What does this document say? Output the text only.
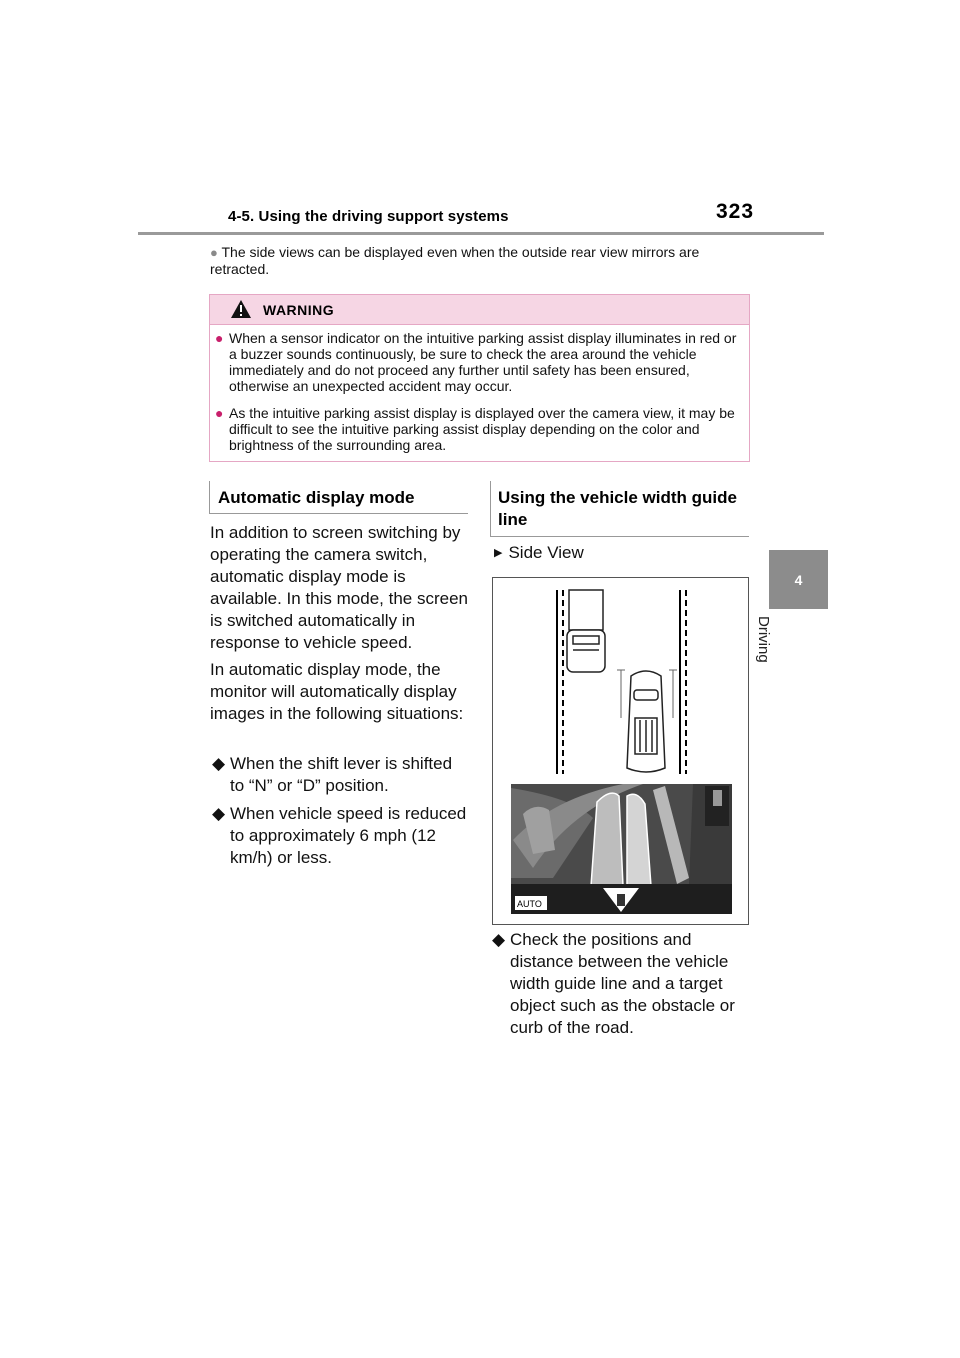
4-5. Using the driving support systems	323
4
Driving
● The side views can be displayed even when the outside rear view mirrors are retracted.
WARNING
● When a sensor indicator on the intuitive parking assist display illuminates in red or a buzzer sounds continuously, be sure to check the area around the vehicle immediately and do not proceed any further until safety has been ensured, otherwise an unexpected accident may occur.
● As the intuitive parking assist display is displayed over the camera view, it may be difficult to see the intuitive parking assist display depending on the color and brightness of the surrounding area.
Automatic display mode
In addition to screen switching by operating the camera switch, automatic display mode is available. In this mode, the screen is switched automatically in response to vehicle speed.
In automatic display mode, the monitor will automatically display images in the following situations:
◆ When the shift lever is shifted to “N” or “D” position.
◆ When vehicle speed is reduced to approximately 6 mph (12 km/h) or less.
Using the vehicle width guide line
▶ Side View
AUTO
◆ Check the positions and distance between the vehicle width guide line and a target object such as the obstacle or curb of the road.
